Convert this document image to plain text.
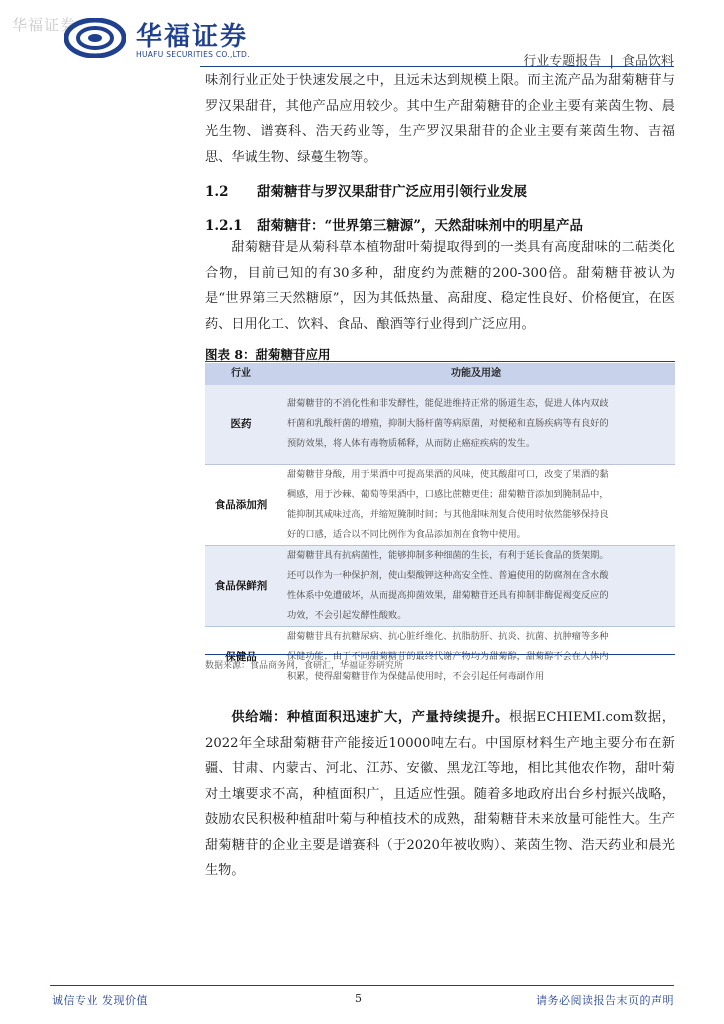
华福证券 华福证券
HUAFU SECURITIES CO.,LTD.	行业专题报告 | 食品饮料

味剂行业正处于快速发展之中，且远未达到规模上限。而主流产品为甜菊糖苷与罗汉果甜苷，其他产品应用较少。其中生产甜菊糖苷的企业主要有莱茵生物、晨光生物、谱赛科、浩天药业等，生产罗汉果甜苷的企业主要有莱茵生物、吉福思、华诚生物、绿蔓生物等。

1.2 甜菊糖苷与罗汉果甜苷广泛应用引领行业发展
1.2.1 甜菊糖苷：“世界第三糖源”，天然甜味剂中的明星产品

甜菊糖苷是从菊科草本植物甜叶菊提取得到的一类具有高度甜味的二萜类化合物，目前已知的有30多种，甜度约为蔗糖的200-300倍。甜菊糖苷被认为是“世界第三天然糖原”，因为其低热量、高甜度、稳定性良好、价格便宜，在医药、日用化工、饮料、食品、酿酒等行业得到广泛应用。

图表 8：甜菊糖苷应用
行业	功能及用途
医药	甜菊糖苷的不消化性和非发酵性，能促进维持正常的肠道生态，促进人体内双歧
杆菌和乳酸杆菌的增殖，抑制大肠杆菌等病原菌，对便秘和直肠疾病等有良好的
预防效果，将人体有毒物质稀释，从而防止癌症疾病的发生。

食品添加剂	甜菊糖苷身酸，用于果酒中可提高果酒的风味，使其酸甜可口，改变了果酒的黏
稠感，用于沙棘、葡萄等果酒中，口感比蔗糖更佳；甜菊糖苷添加到腌制品中，
能抑制其咸味过高，并缩短腌制时间；与其他甜味剂复合使用时依然能够保持良
好的口感，适合以不同比例作为食品添加剂在食物中使用。

食品保鲜剂	甜菊糖苷具有抗病菌性，能够抑制多种细菌的生长，有利于延长食品的货架期。
还可以作为一种保护剂，使山梨酸钾这种高安全性、普遍使用的防腐剂在含水酸
性体系中免遭破坏，从而提高抑菌效果，甜菊糖苷还具有抑制非酶促褐变反应的
功效，不会引起发酵性酸败。

保健品	甜菊糖苷具有抗糖尿病、抗心脏纤维化、抗脂肪肝、抗炎、抗菌、抗肿瘤等多种
保健功能；由于不同甜菊糖苷的最终代谢产物均为甜菊醇，甜菊醇不会在人体内
积累，使得甜菊糖苷作为保健品使用时，不会引起任何毒副作用
数据来源：食品商务网，食研汇，华福证券研究所

供给端：种植面积迅速扩大，产量持续提升。根据ECHIEMI.com数据，2022年全球甜菊糖苷产能接近10000吨左右。中国原材料生产地主要分布在新疆、甘肃、内蒙古、河北、江苏、安徽、黑龙江等地，相比其他农作物，甜叶菊对土壤要求不高，种植面积广，且适应性强。随着多地政府出台乡村振兴战略，鼓励农民积极种植甜叶菊与种植技术的成熟，甜菊糖苷未来放量可能性大。生产甜菊糖苷的企业主要是谱赛科（于2020年被收购）、莱茵生物、浩天药业和晨光生物。

诚信专业 发现价值	5	请务必阅读报告末页的声明
